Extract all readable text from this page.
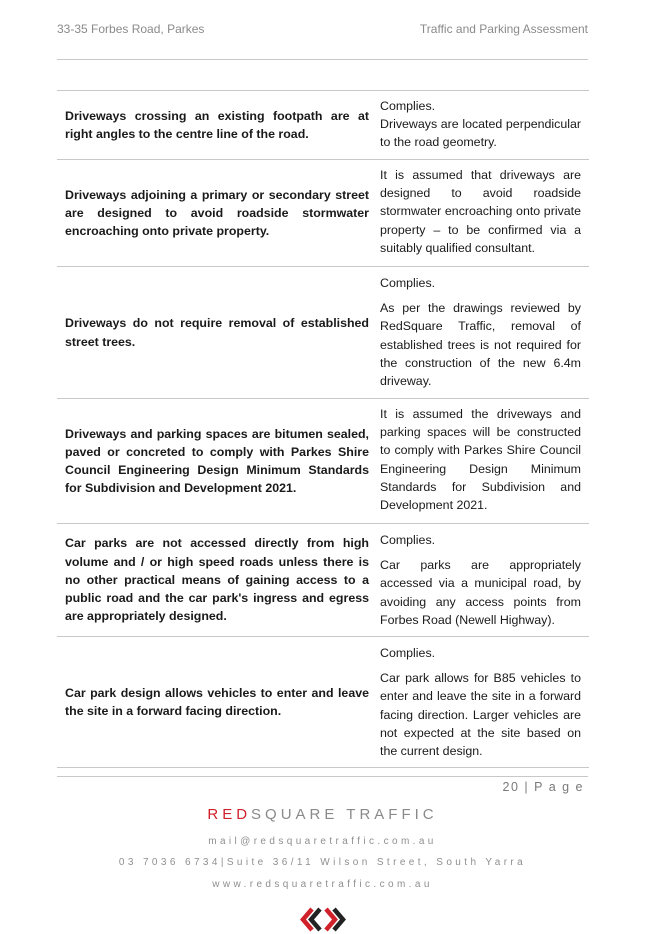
33-35 Forbes Road, Parkes	Traffic and Parking Assessment
Driveways crossing an existing footpath are at right angles to the centre line of the road.

Complies.

Driveways are located perpendicular to the road geometry.

Driveways adjoining a primary or secondary street are designed to avoid roadside stormwater encroaching onto private property.

It is assumed that driveways are designed to avoid roadside stormwater encroaching onto private property – to be confirmed via a suitably qualified consultant.

Driveways do not require removal of established street trees.

Complies.

As per the drawings reviewed by RedSquare Traffic, removal of established trees is not required for the construction of the new 6.4m driveway.

Driveways and parking spaces are bitumen sealed, paved or concreted to comply with Parkes Shire Council Engineering Design Minimum Standards for Subdivision and Development 2021.

It is assumed the driveways and parking spaces will be constructed to comply with Parkes Shire Council Engineering Design Minimum Standards for Subdivision and Development 2021.

Car parks are not accessed directly from high volume and / or high speed roads unless there is no other practical means of gaining access to a public road and the car park's ingress and egress are appropriately designed.

Complies.

Car parks are appropriately accessed via a municipal road, by avoiding any access points from Forbes Road (Newell Highway).

Car park design allows vehicles to enter and leave the site in a forward facing direction.

Complies.

Car park allows for B85 vehicles to enter and leave the site in a forward facing direction. Larger vehicles are not expected at the site based on the current design.

20 | P a g e
REDSQUARE TRAFFIC
mail@redsquaretraffic.com.au
03 7036 6734|Suite 36/11 Wilson Street, South Yarra
www.redsquaretraffic.com.au
